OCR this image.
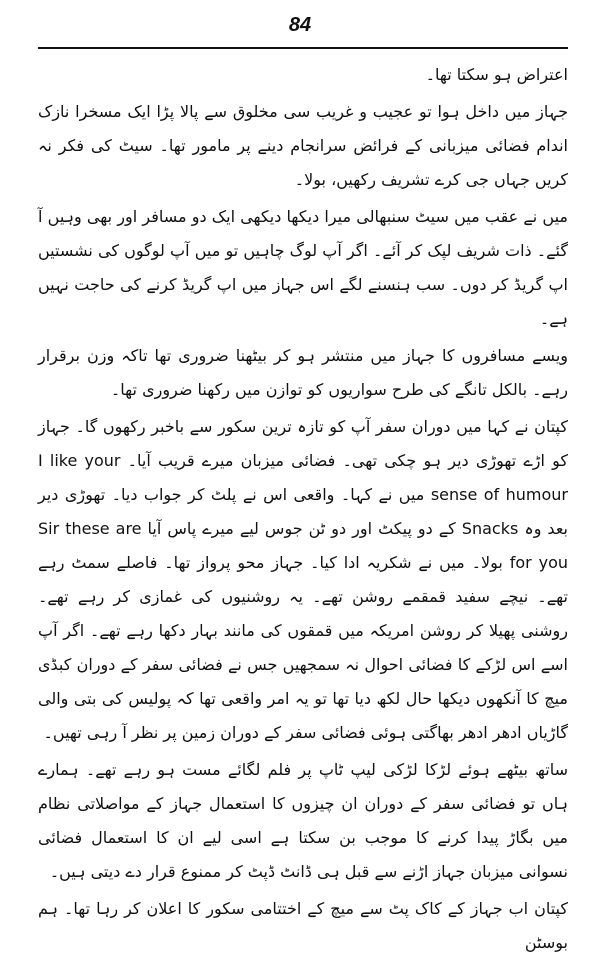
84

اعتراض ہو سکتا تھا۔

جہاز میں داخل ہوا تو عجیب و غریب سی مخلوق سے پالا پڑا ایک مسخرا نازک اندام فضائی میزبانی کے فرائض سرانجام دینے پر مامور تھا۔ سیٹ کی فکر نہ کریں جہاں جی کرے تشریف رکھیں، بولا۔

میں نے عقب میں سیٹ سنبھالی میرا دیکھا دیکھی ایک دو مسافر اور بھی وہیں آ گئے۔ ذات شریف لپک کر آئے۔ اگر آپ لوگ چاہیں تو میں آپ لوگوں کی نشستیں اپ گریڈ کر دوں۔ سب ہنسنے لگے اس جہاز میں اپ گریڈ کرنے کی حاجت نہیں ہے۔

ویسے مسافروں کا جہاز میں منتشر ہو کر بیٹھنا ضروری تھا تاکہ وزن برقرار رہے۔ بالکل تانگے کی طرح سواریوں کو توازن میں رکھنا ضروری تھا۔

کپتان نے کہا میں دوران سفر آپ کو تازہ ترین سکور سے باخبر رکھوں گا۔ جہاز کو اڑے تھوڑی دیر ہو چکی تھی۔ فضائی میزبان میرے قریب آیا۔ I like your sense of humour میں نے کہا۔ واقعی اس نے پلٹ کر جواب دیا۔ تھوڑی دیر بعد وہ Snacks کے دو پیکٹ اور دو ٹن جوس لیے میرے پاس آیا Sir these are for you بولا۔ میں نے شکریہ ادا کیا۔ جہاز محو پرواز تھا۔ فاصلے سمٹ رہے تھے۔ نیچے سفید قمقمے روشن تھے۔ یہ روشنیوں کی غمازی کر رہے تھے۔ روشنی پھیلا کر روشن امریکہ میں قمقوں کی مانند بہار دکھا رہے تھے۔ اگر آپ اسے اس لڑکے کا فضائی احوال نہ سمجھیں جس نے فضائی سفر کے دوران کبڈی میچ کا آنکھوں دیکھا حال لکھ دیا تھا تو یہ امر واقعی تھا کہ پولیس کی بتی والی گاڑیاں ادھر ادھر بھاگتی ہوئی فضائی سفر کے دوران زمین پر نظر آ رہی تھیں۔

ساتھ بیٹھے ہوئے لڑکا لڑکی لیپ ٹاپ پر فلم لگائے مست ہو رہے تھے۔ ہمارے ہاں تو فضائی سفر کے دوران ان چیزوں کا استعمال جہاز کے مواصلاتی نظام میں بگاڑ پیدا کرنے کا موجب بن سکتا ہے اسی لیے ان کا استعمال فضائی نسوانی میزبان جہاز اڑنے سے قبل ہی ڈانٹ ڈپٹ کر ممنوع قرار دے دیتی ہیں۔

کپتان اب جہاز کے کاک پٹ سے میچ کے اختتامی سکور کا اعلان کر رہا تھا۔ ہم بوسٹن
